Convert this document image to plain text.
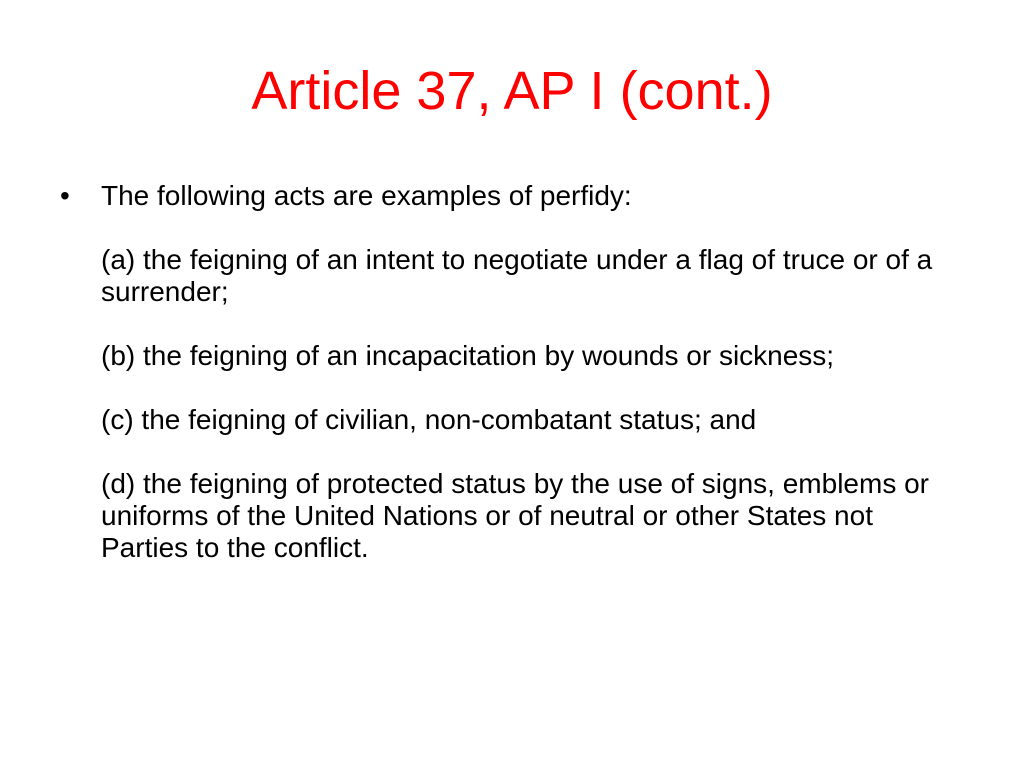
Article 37, AP I (cont.)
•	The following acts are examples of perfidy:

(a) the feigning of an intent to negotiate under a flag of truce or of a surrender;

(b) the feigning of an incapacitation by wounds or sickness;

(c) the feigning of civilian, non-combatant status; and

(d) the feigning of protected status by the use of signs, emblems or uniforms of the United Nations or of neutral or other States not Parties to the conflict.
